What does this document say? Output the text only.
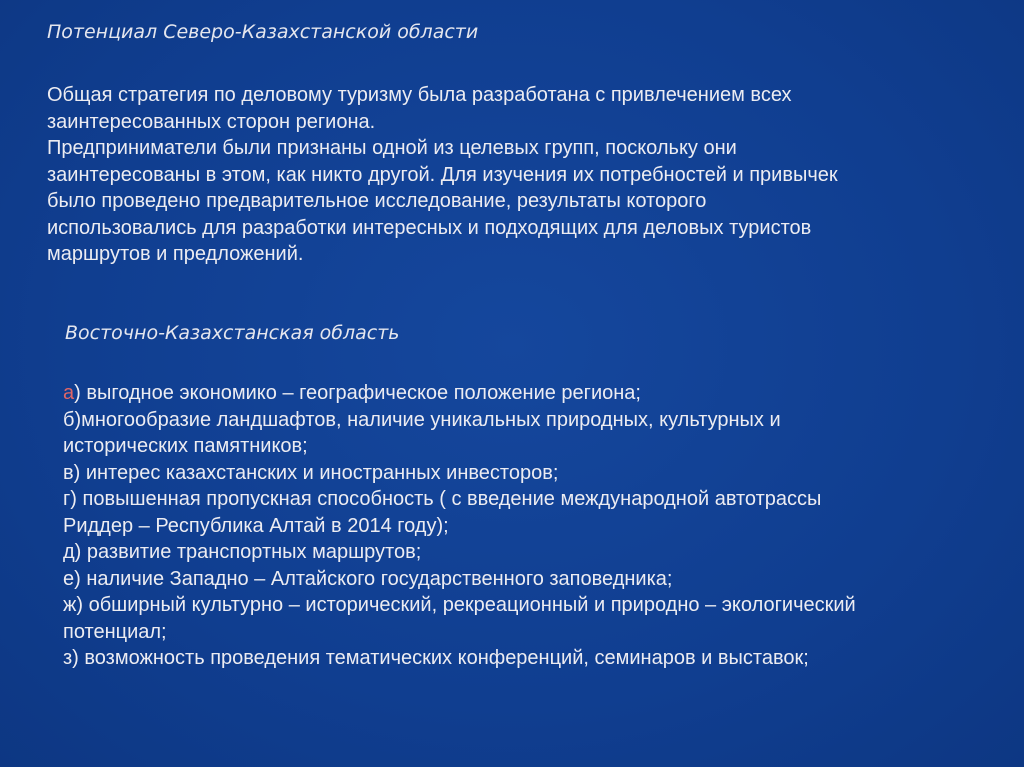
Потенциал Северо-Казахстанской области

Общая стратегия по деловому туризму была разработана с привлечением всех

заинтересованных сторон региона.

Предприниматели были признаны одной из целевых групп, поскольку они

заинтересованы в этом, как никто другой. Для изучения их потребностей и привычек

было проведено предварительное исследование, результаты которого

использовались для разработки интересных и подходящих для деловых туристов

маршрутов и предложений.

Восточно-Казахстанская область
а) выгодное экономико – географическое положение региона;
б)многообразие ландшафтов, наличие уникальных природных, культурных и
исторических памятников;
в) интерес казахстанских и иностранных инвесторов;
г) повышенная пропускная способность ( с введение международной автотрассы
Риддер – Республика Алтай в 2014 году);
д) развитие транспортных маршрутов;
е) наличие Западно – Алтайского государственного заповедника;
ж) обширный культурно – исторический, рекреационный и природно – экологический
потенциал;
з) возможность проведения тематических конференций, семинаров и выставок;
